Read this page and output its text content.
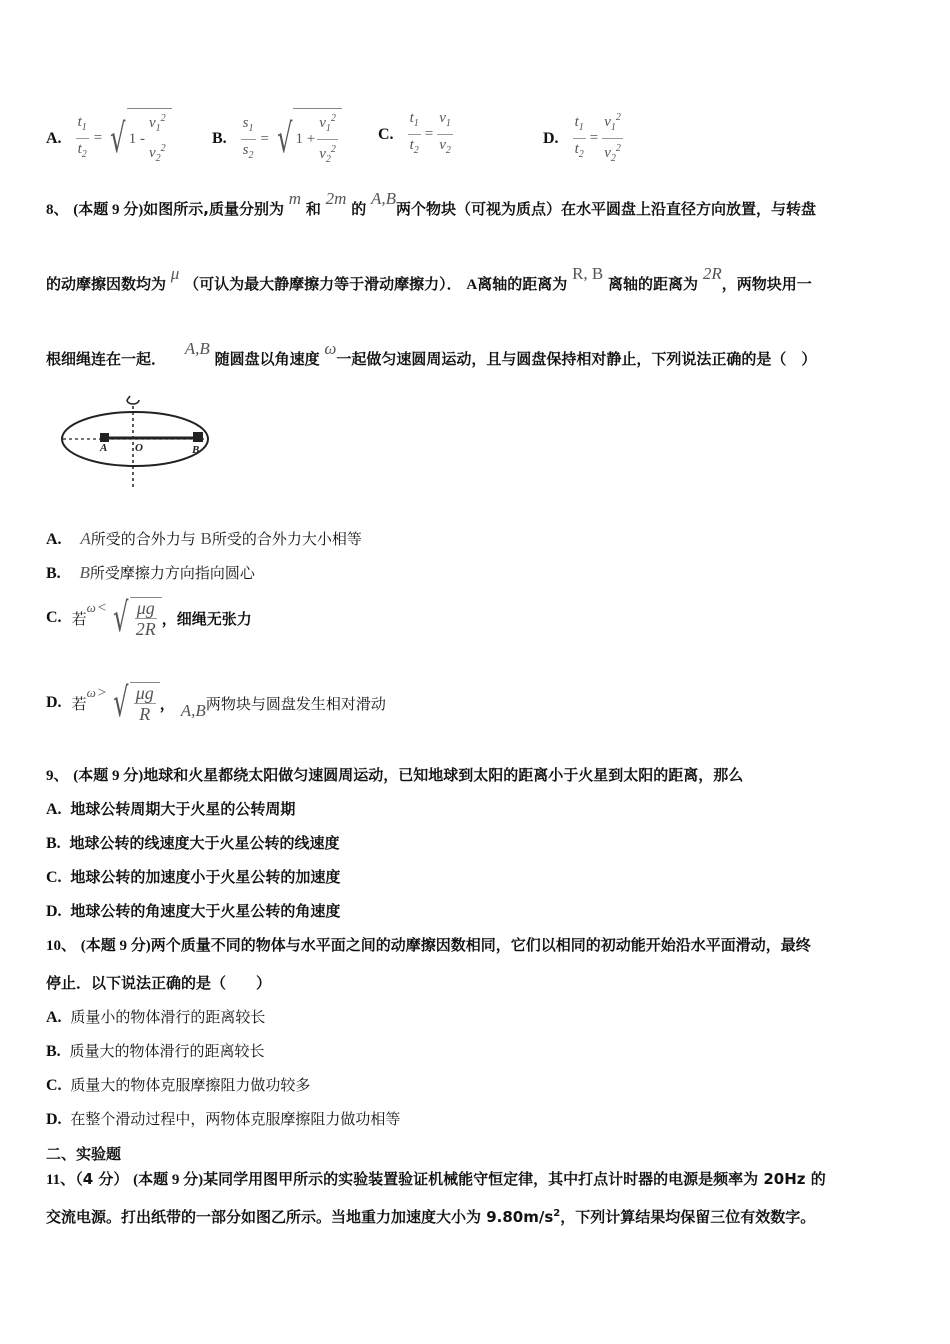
A. $\frac{t_1}{t_2}$ = √ 1 -
$v_1^2$
$v_2^2$
B. $\frac{s_1}{s_2}$ = √ $1 + \frac{v_1^2}{v_2^2}$	C. $\frac{t_1}{t_2} = \frac{v_1}{v_2}$	D. $\frac{t_1}{t_2} = \frac{v_1^2}{v_2^2}$
8、 (本题 9 分)如图所示,质量分别为 m 和 2m 的 A,B两个物块（可视为质点）在水平圆盘上沿直径方向放置，与转盘
的动摩擦因数均为 μ （可认为最大静摩擦力等于滑动摩擦力）． A离轴的距离为 R, B 离轴的距离为 2R，两物块用一
根细绳连在一起． A,B 随圆盘以角速度 ω一起做匀速圆周运动，且与圆盘保持相对静止，下列说法正确的是（　）
A	O	B
A. A所受的合外力与 B所受的合外力大小相等
B. B所受摩擦力方向指向圆心
C. 若
ω < √ $\frac{\mu g}{2R}$ ，细绳无张力
D. 若
ω > √ $\frac{\mu g}{R}$ ， A,B 两物块与圆盘发生相对滑动
9、 (本题 9 分)地球和火星都绕太阳做匀速圆周运动，已知地球到太阳的距离小于火星到太阳的距离，那么
A. 地球公转周期大于火星的公转周期
B. 地球公转的线速度大于火星公转的线速度
C. 地球公转的加速度小于火星公转的加速度
D. 地球公转的角速度大于火星公转的角速度
10、 (本题 9 分)两个质量不同的物体与水平面之间的动摩擦因数相同，它们以相同的初动能开始沿水平面滑动，最终
停止．以下说法正确的是（　　）
A. 质量小的物体滑行的距离较长
B. 质量大的物体滑行的距离较长
C. 质量大的物体克服摩擦阻力做功较多
D. 在整个滑动过程中，两物体克服摩擦阻力做功相等
二、实验题
11、（4 分） (本题 9 分)某同学用图甲所示的实验装置验证机械能守恒定律，其中打点计时器的电源是频率为 20Hz 的
交流电源。打出纸带的一部分如图乙所示。当地重力加速度大小为 $9.80m/s^2$，下列计算结果均保留三位有效数字。
